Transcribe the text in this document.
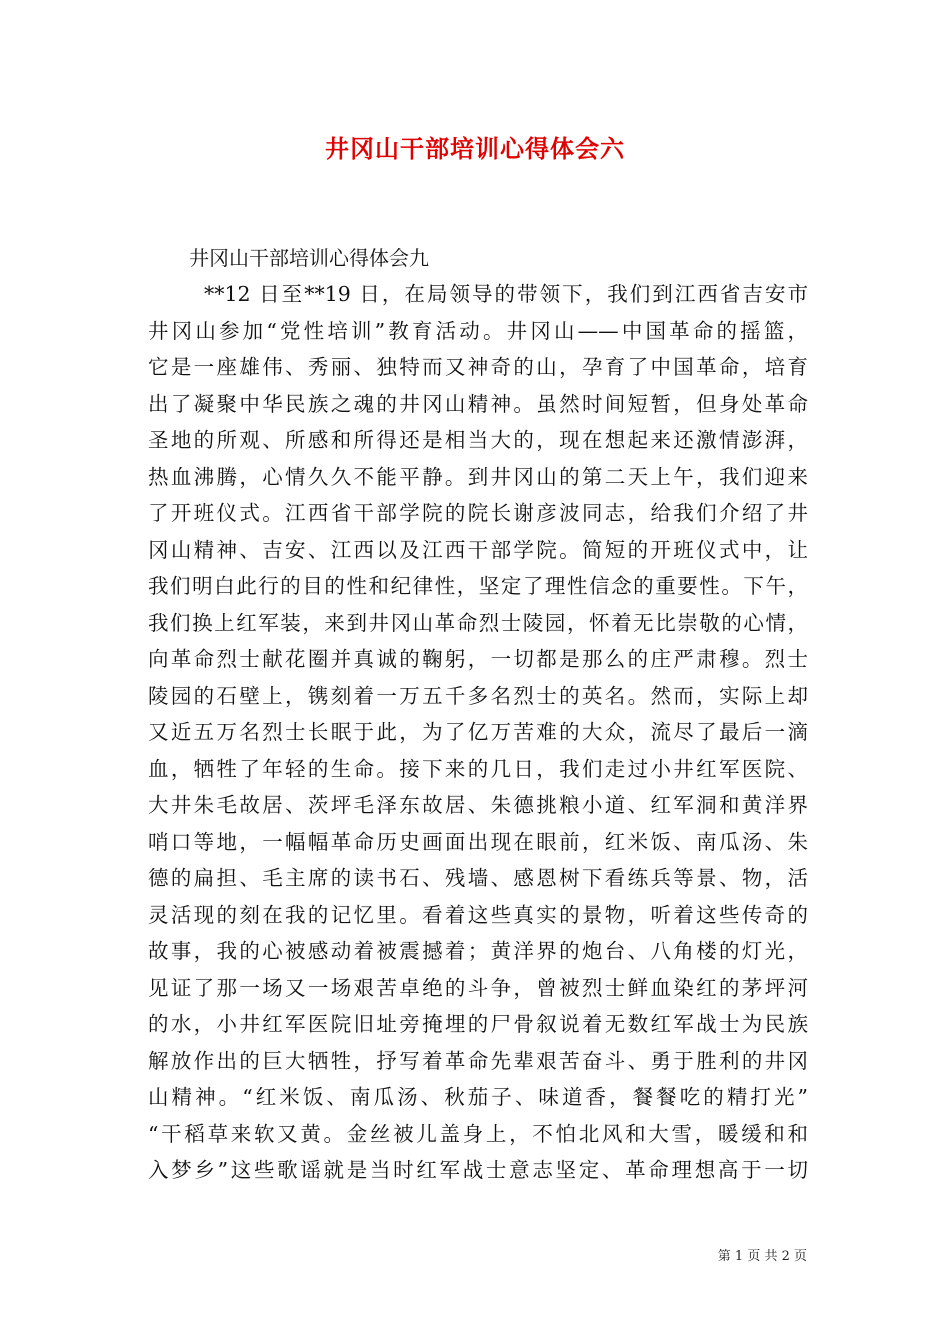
井冈山干部培训心得体会六
井冈山干部培训心得体会九
**12 日至**19 日，在局领导的带领下，我们到江西省吉安市
井冈山参加“党性培训”教育活动。井冈山——中国革命的摇篮，
它是一座雄伟、秀丽、独特而又神奇的山，孕育了中国革命，培育
出了凝聚中华民族之魂的井冈山精神。虽然时间短暂，但身处革命
圣地的所观、所感和所得还是相当大的，现在想起来还激情澎湃，
热血沸腾，心情久久不能平静。到井冈山的第二天上午，我们迎来
了开班仪式。江西省干部学院的院长谢彦波同志，给我们介绍了井
冈山精神、吉安、江西以及江西干部学院。简短的开班仪式中，让
我们明白此行的目的性和纪律性，坚定了理性信念的重要性。下午，
我们换上红军装，来到井冈山革命烈士陵园，怀着无比崇敬的心情，
向革命烈士献花圈并真诚的鞠躬，一切都是那么的庄严肃穆。烈士
陵园的石壁上，镌刻着一万五千多名烈士的英名。然而，实际上却
又近五万名烈士长眠于此，为了亿万苦难的大众，流尽了最后一滴
血，牺牲了年轻的生命。接下来的几日，我们走过小井红军医院、
大井朱毛故居、茨坪毛泽东故居、朱德挑粮小道、红军洞和黄洋界
哨口等地，一幅幅革命历史画面出现在眼前，红米饭、南瓜汤、朱
德的扁担、毛主席的读书石、残墙、感恩树下看练兵等景、物，活
灵活现的刻在我的记忆里。看着这些真实的景物，听着这些传奇的
故事，我的心被感动着被震撼着；黄洋界的炮台、八角楼的灯光，
见证了那一场又一场艰苦卓绝的斗争，曾被烈士鲜血染红的茅坪河
的水，小井红军医院旧址旁掩埋的尸骨叙说着无数红军战士为民族
解放作出的巨大牺牲，抒写着革命先辈艰苦奋斗、勇于胜利的井冈
山精神。“红米饭、南瓜汤、秋茄子、味道香，餐餐吃的精打光”
“干稻草来软又黄。金丝被儿盖身上，不怕北风和大雪，暖缓和和
入梦乡”这些歌谣就是当时红军战士意志坚定、革命理想高于一切
第 1 页 共 2 页
